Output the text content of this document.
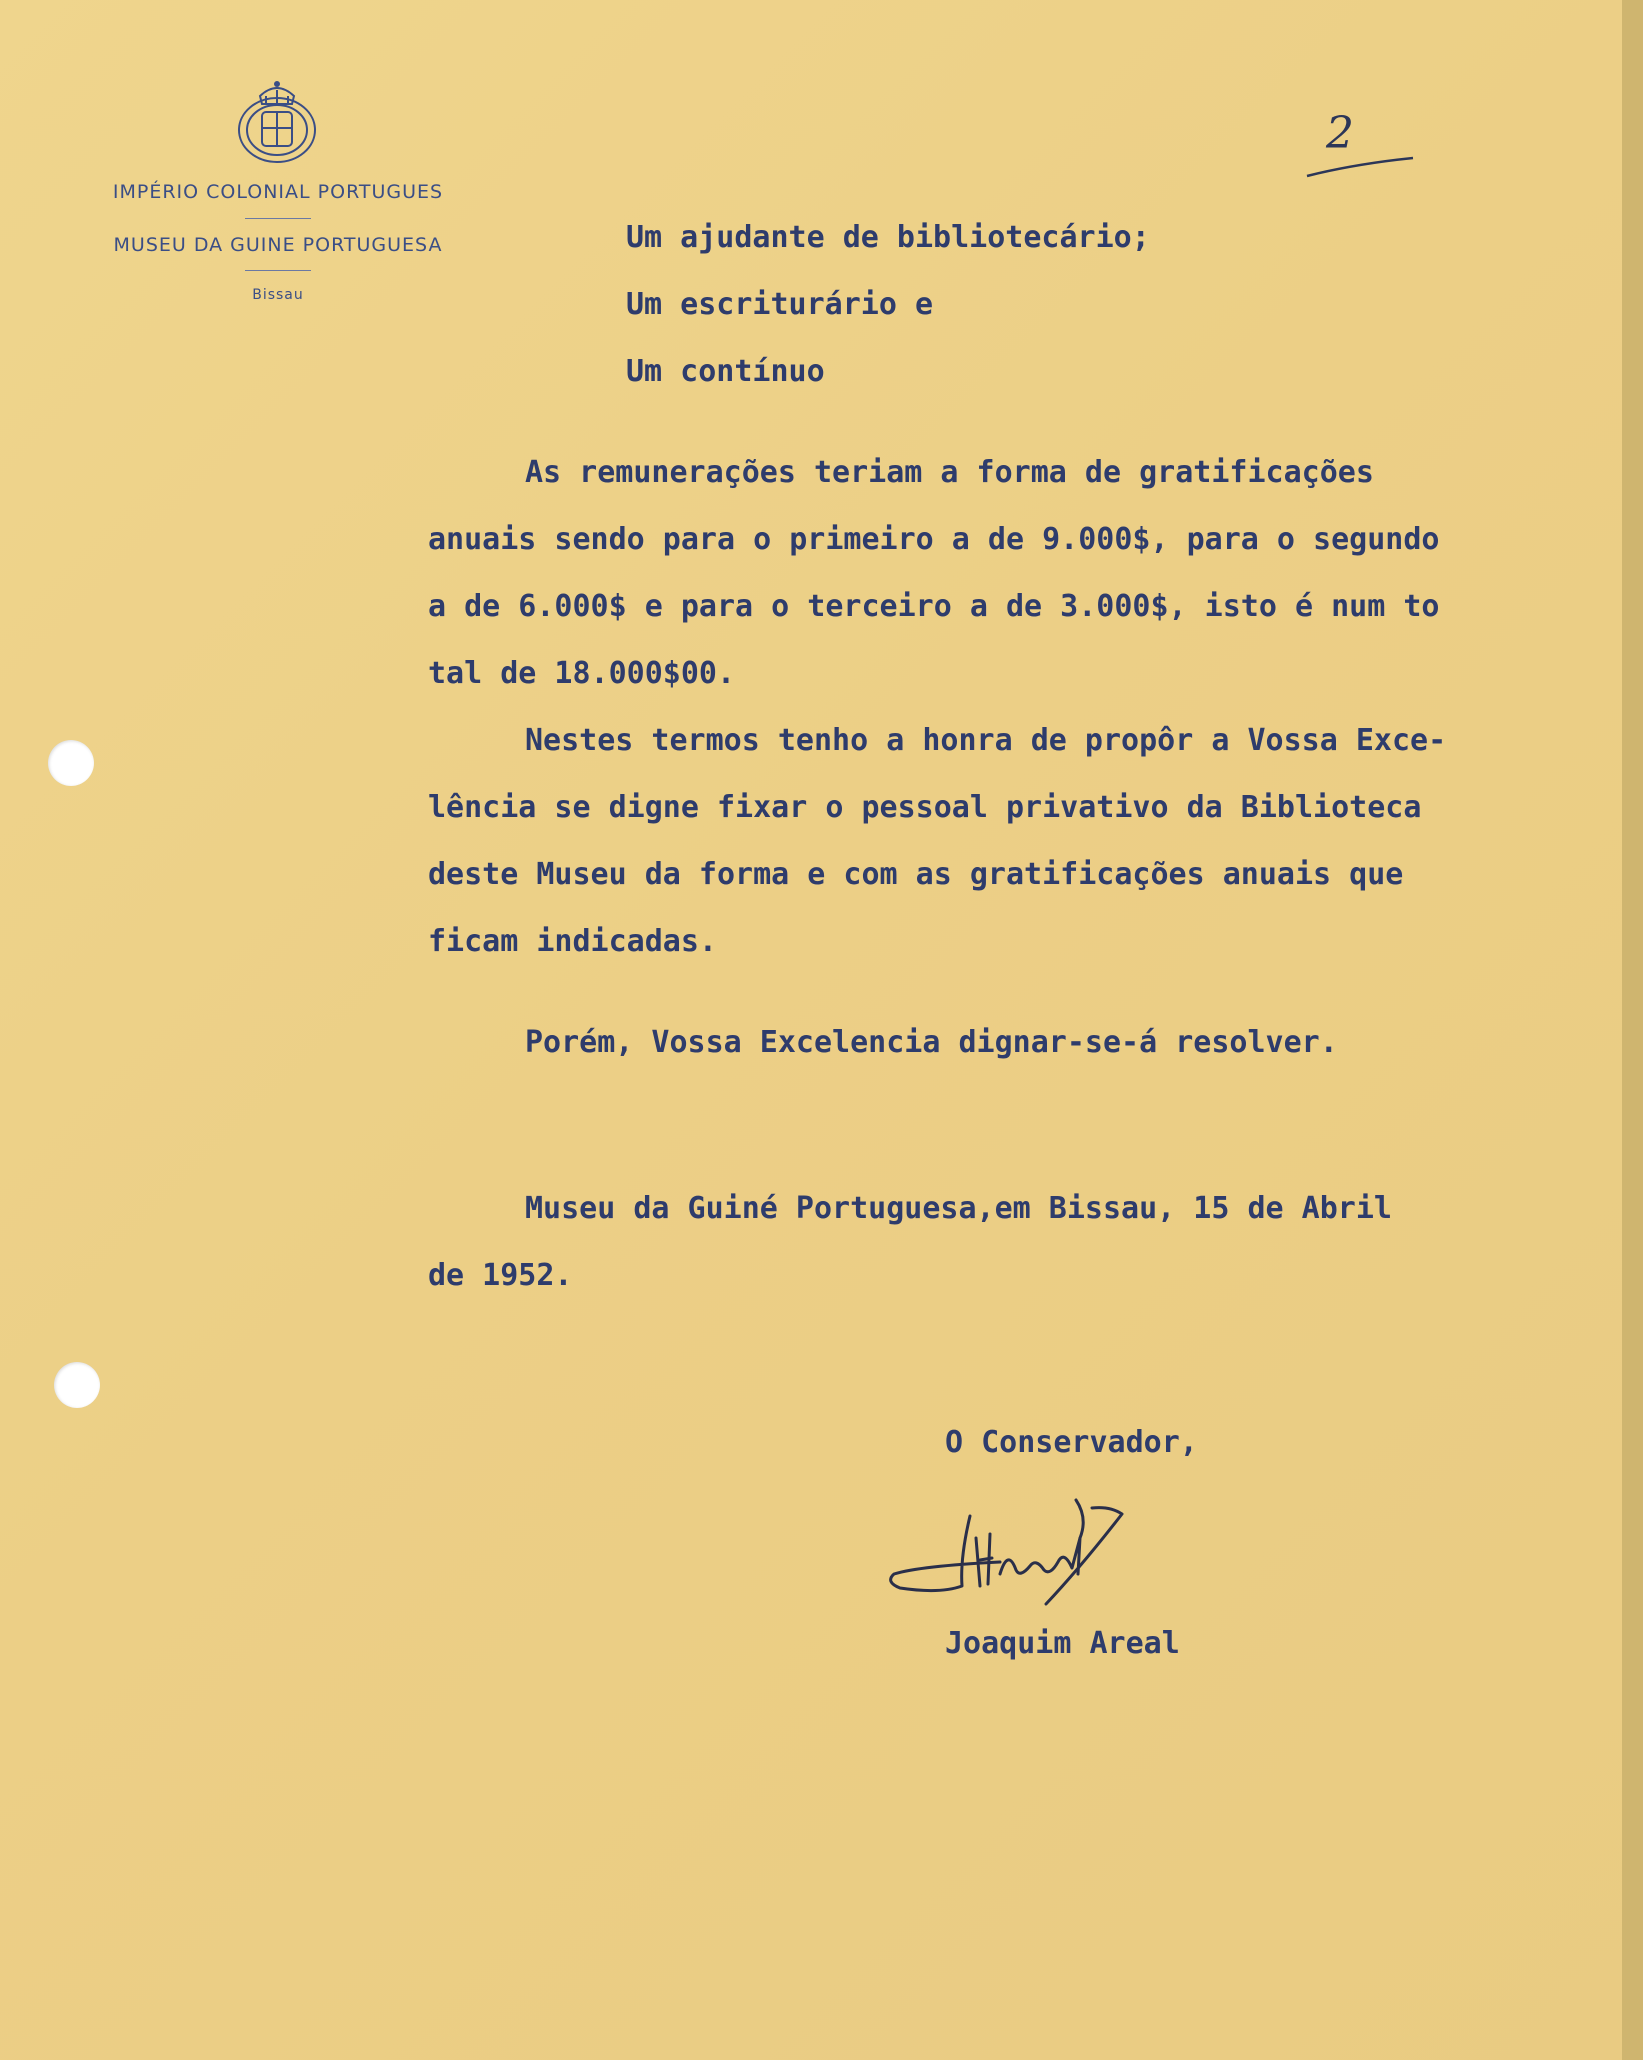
IMPÉRIO COLONIAL PORTUGUES
MUSEU DA GUINE PORTUGUESA
Bissau
2
Um ajudante de bibliotecário;
Um escriturário e
Um contínuo
As remunerações teriam a forma de gratificações
anuais sendo para o primeiro a de 9.000$, para o segundo
a de 6.000$ e para o terceiro a de 3.000$, isto é num to
tal de 18.000$00.
Nestes termos tenho a honra de propôr a Vossa Exce-
lência se digne fixar o pessoal privativo da Biblioteca
deste Museu da forma e com as gratificações anuais que
ficam indicadas.
Porém, Vossa Excelencia dignar-se-á resolver.
Museu da Guiné Portuguesa,em Bissau, 15 de Abril
de 1952.
O Conservador,
Joaquim Areal
